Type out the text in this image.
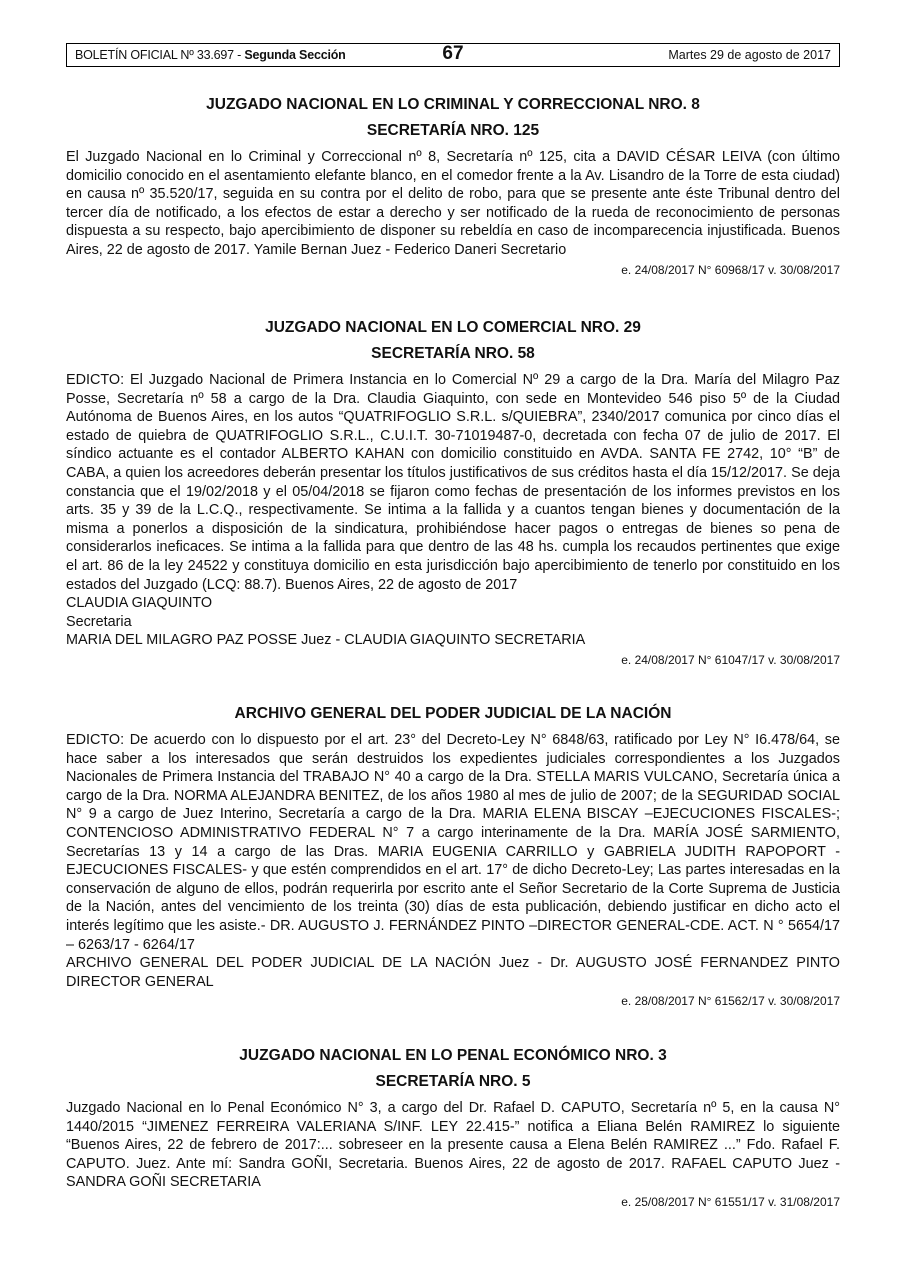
BOLETÍN OFICIAL Nº 33.697 - Segunda Sección	67	Martes 29 de agosto de 2017

JUZGADO NACIONAL EN LO CRIMINAL Y CORRECCIONAL NRO. 8

SECRETARÍA NRO. 125

El Juzgado Nacional en lo Criminal y Correccional nº 8, Secretaría nº 125, cita a DAVID CÉSAR LEIVA (con último domicilio conocido en el asentamiento elefante blanco, en el comedor frente a la Av. Lisandro de la Torre de esta ciudad) en causa nº 35.520/17, seguida en su contra por el delito de robo, para que se presente ante éste Tribunal dentro del tercer día de notificado, a los efectos de estar a derecho y ser notificado de la rueda de reconocimiento de personas dispuesta a su respecto, bajo apercibimiento de disponer su rebeldía en caso de incomparecencia injustificada. Buenos Aires, 22 de agosto de 2017. Yamile Bernan Juez - Federico Daneri Secretario

e. 24/08/2017 N° 60968/17 v. 30/08/2017

JUZGADO NACIONAL EN LO COMERCIAL NRO. 29

SECRETARÍA NRO. 58

EDICTO: El Juzgado Nacional de Primera Instancia en lo Comercial Nº 29 a cargo de la Dra. María del Milagro Paz Posse, Secretaría nº 58 a cargo de la Dra. Claudia Giaquinto, con sede en Montevideo 546 piso 5º de la Ciudad Autónoma de Buenos Aires, en los autos “QUATRIFOGLIO S.R.L. s/QUIEBRA”, 2340/2017 comunica por cinco días el estado de quiebra de QUATRIFOGLIO S.R.L., C.U.I.T. 30-71019487-0, decretada con fecha 07 de julio de 2017. El síndico actuante es el contador ALBERTO KAHAN con domicilio constituido en AVDA. SANTA FE 2742, 10° “B” de CABA, a quien los acreedores deberán presentar los títulos justificativos de sus créditos hasta el día 15/12/2017. Se deja constancia que el 19/02/2018 y el 05/04/2018 se fijaron como fechas de presentación de los informes previstos en los arts. 35 y 39 de la L.C.Q., respectivamente. Se intima a la fallida y a cuantos tengan bienes y documentación de la misma a ponerlos a disposición de la sindicatura, prohibiéndose hacer pagos o entregas de bienes so pena de considerarlos ineficaces. Se intima a la fallida para que dentro de las 48 hs. cumpla los recaudos pertinentes que exige el art. 86 de la ley 24522 y constituya domicilio en esta jurisdicción bajo apercibimiento de tenerlo por constituido en los estados del Juzgado (LCQ: 88.7). Buenos Aires, 22 de agosto de 2017

CLAUDIA GIAQUINTO

Secretaria

MARIA DEL MILAGRO PAZ POSSE Juez - CLAUDIA GIAQUINTO SECRETARIA

e. 24/08/2017 N° 61047/17 v. 30/08/2017

ARCHIVO GENERAL DEL PODER JUDICIAL DE LA NACIÓN

EDICTO: De acuerdo con lo dispuesto por el art. 23° del Decreto-Ley N° 6848/63, ratificado por Ley N° I6.478/64, se hace saber a los interesados que serán destruidos los expedientes judiciales correspondientes a los Juzgados Nacionales de Primera Instancia del TRABAJO N° 40 a cargo de la Dra. STELLA MARIS VULCANO, Secretaría única a cargo de la Dra. NORMA ALEJANDRA BENITEZ, de los años 1980 al mes de julio de 2007; de la SEGURIDAD SOCIAL N° 9 a cargo de Juez Interino, Secretaría a cargo de la Dra. MARIA ELENA BISCAY –EJECUCIONES FISCALES-; CONTENCIOSO ADMINISTRATIVO FEDERAL N° 7 a cargo interinamente de la Dra. MARÍA JOSÉ SARMIENTO, Secretarías 13 y 14 a cargo de las Dras. MARIA EUGENIA CARRILLO y GABRIELA JUDITH RAPOPORT -EJECUCIONES FISCALES- y que estén comprendidos en el art. 17° de dicho Decreto-Ley; Las partes interesadas en la conservación de alguno de ellos, podrán requerirla por escrito ante el Señor Secretario de la Corte Suprema de Justicia de la Nación, antes del vencimiento de los treinta (30) días de esta publicación, debiendo justificar en dicho acto el interés legítimo que les asiste.- DR. AUGUSTO J. FERNÁNDEZ PINTO –DIRECTOR GENERAL-CDE. ACT. N ° 5654/17 – 6263/17 - 6264/17

ARCHIVO GENERAL DEL PODER JUDICIAL DE LA NACIÓN Juez - Dr. AUGUSTO JOSÉ FERNANDEZ PINTO DIRECTOR GENERAL

e. 28/08/2017 N° 61562/17 v. 30/08/2017

JUZGADO NACIONAL EN LO PENAL ECONÓMICO NRO. 3

SECRETARÍA NRO. 5

Juzgado Nacional en lo Penal Económico N° 3, a cargo del Dr. Rafael D. CAPUTO, Secretaría nº 5, en la causa N° 1440/2015 “JIMENEZ FERREIRA VALERIANA S/INF. LEY 22.415-” notifica a Eliana Belén RAMIREZ lo siguiente “Buenos Aires, 22 de febrero de 2017:... sobreseer en la presente causa a Elena Belén RAMIREZ ...” Fdo. Rafael F. CAPUTO. Juez. Ante mí: Sandra GOÑI, Secretaria. Buenos Aires, 22 de agosto de 2017. RAFAEL CAPUTO Juez - SANDRA GOÑI SECRETARIA

e. 25/08/2017 N° 61551/17 v. 31/08/2017
